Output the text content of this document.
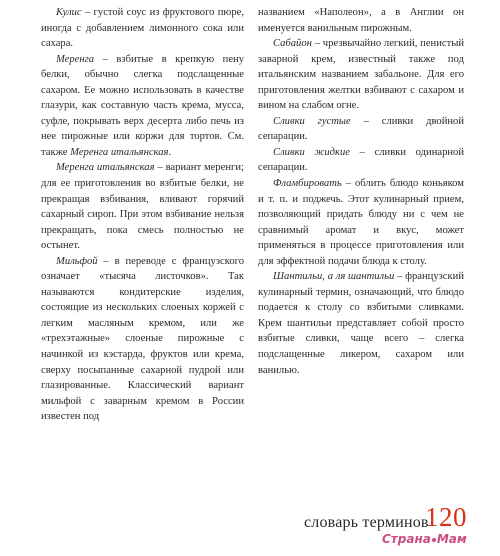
Кулис – густой соус из фруктового пюре, иногда с добавлением лимонного сока или сахара.

Меренга – взбитые в крепкую пену белки, обычно слегка подслащенные сахаром. Ее можно использовать в качестве глазури, как составную часть крема, мусса, суфле, покрывать верх десерта либо печь из нее пирожные или коржи для тортов. См. также Меренга итальянская.

Меренга итальянская – вариант меренги; для ее приготовления во взбитые белки, не прекращая взбивания, вливают горячий сахарный сироп. При этом взбивание нельзя прекращать, пока смесь полностью не остынет.

Мильфой – в переводе с французского означает «тысяча листочков». Так называются кондитерские изделия, состоящие из нескольких слоеных коржей с легким масляным кремом, или же «трехэтажные» слоеные пирожные с начинкой из кэстарда, фруктов или крема, сверху посыпанные сахарной пудрой или глазированные. Классический вариант мильфой с заварным кремом в России известен под

названием «Наполеон», а в Англии он именуется ванильным пирожным.

Сабайон – чрезвычайно легкий, пенистый заварной крем, известный также под итальянским названием забальоне. Для его приготовления желтки взбивают с сахаром и вином на слабом огне.

Сливки густые – сливки двойной сепарации.

Сливки жидкие – сливки одинарной сепарации.

Фламбировать – облить блюдо коньяком и т. п. и поджечь. Этот кулинарный прием, позволяющий придать блюду ни с чем не сравнимый аромат и вкус, может применяться в процессе приготовления или для эффектной подачи блюда к столу.

Шантильи, а ля шантильи – французский кулинарный термин, означающий, что блюдо подается к столу со взбитыми сливками. Крем шантильи представляет собой просто взбитые сливки, чаще всего – слегка подслащенные ликером, сахаром или ванилью.

словарь терминов
120
Страна Мам
